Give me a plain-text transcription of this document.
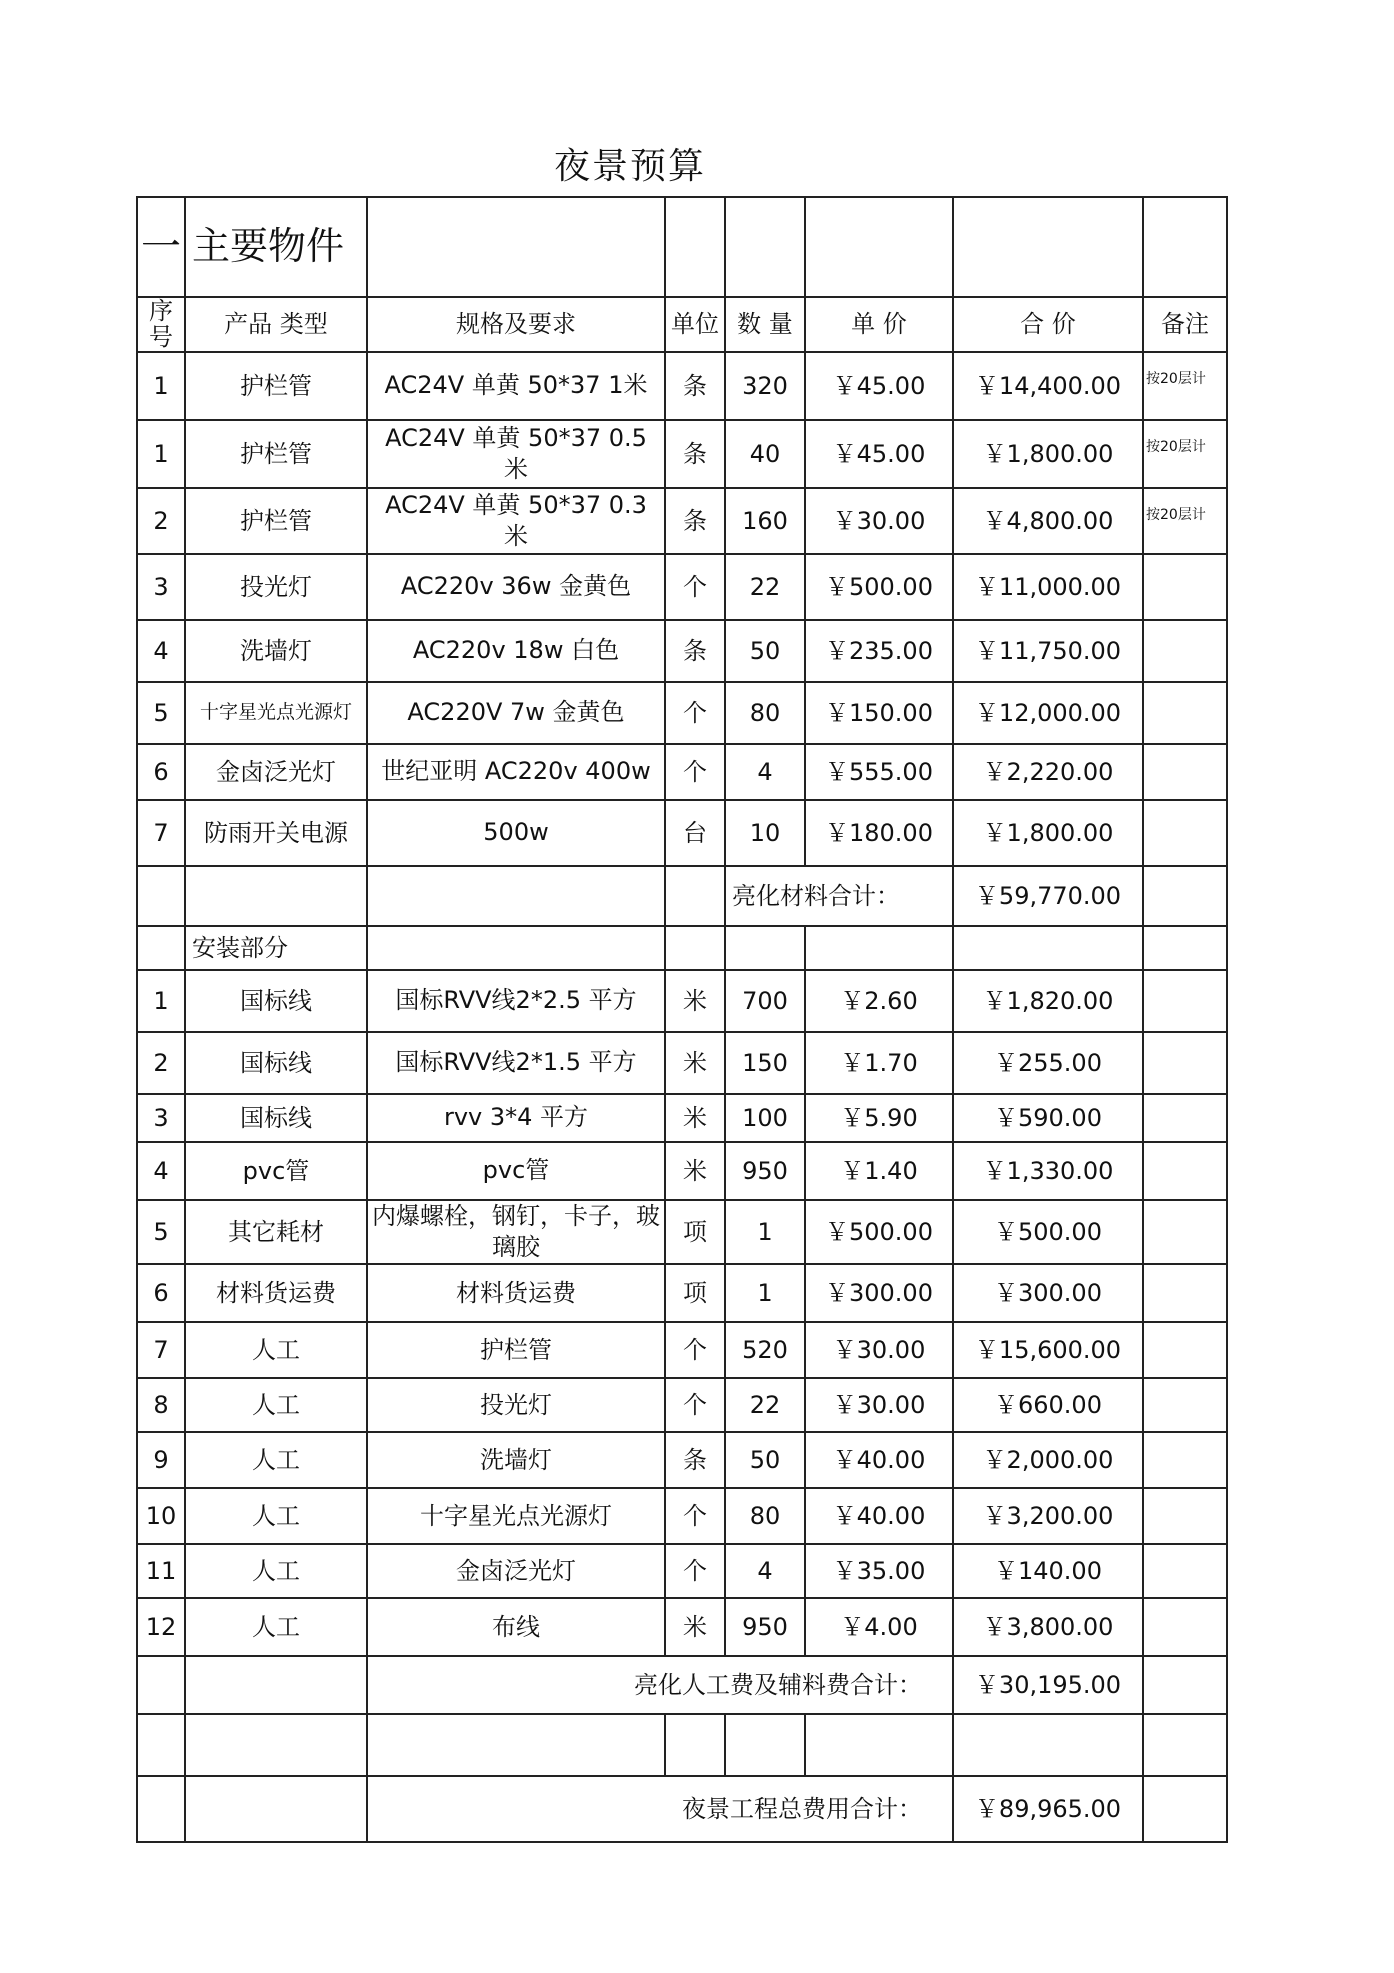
夜景预算
一	主要物件						
序号	产品 类型	规格及要求	单位	数 量	单 价	合 价	备注
1	护栏管	AC24V 单黄 50*37 1米	条	320	￥45.00	￥14,400.00	按20层计
1	护栏管	AC24V 单黄 50*37 0.5 米	条	40	￥45.00	￥1,800.00	按20层计
2	护栏管	AC24V 单黄 50*37 0.3 米	条	160	￥30.00	￥4,800.00	按20层计
3	投光灯	AC220v 36w 金黄色	个	22	￥500.00	￥11,000.00	
4	洗墙灯	AC220v 18w 白色	条	50	￥235.00	￥11,750.00	
5	十字星光点光源灯	AC220V 7w 金黄色	个	80	￥150.00	￥12,000.00	
6	金卤泛光灯	世纪亚明 AC220v 400w	个	4	￥555.00	￥2,220.00	
7	防雨开关电源	500w	台	10	￥180.00	￥1,800.00	
				亮化材料合计：		￥59,770.00	
	安装部分						
1	国标线	国标RVV线2*2.5 平方	米	700	￥2.60	￥1,820.00	
2	国标线	国标RVV线2*1.5 平方	米	150	￥1.70	￥255.00	
3	国标线	rvv 3*4 平方	米	100	￥5.90	￥590.00	
4	pvc管	pvc管	米	950	￥1.40	￥1,330.00	
5	其它耗材	内爆螺栓，钢钉，卡子，玻璃胶	项	1	￥500.00	￥500.00	
6	材料货运费	材料货运费	项	1	￥300.00	￥300.00	
7	人工	护栏管	个	520	￥30.00	￥15,600.00	
8	人工	投光灯	个	22	￥30.00	￥660.00	
9	人工	洗墙灯	条	50	￥40.00	￥2,000.00	
10	人工	十字星光点光源灯	个	80	￥40.00	￥3,200.00	
11	人工	金卤泛光灯	个	4	￥35.00	￥140.00	
12	人工	布线	米	950	￥4.00	￥3,800.00	
		亮化人工费及辅料费合计：				￥30,195.00	

		夜景工程总费用合计：				￥89,965.00	
